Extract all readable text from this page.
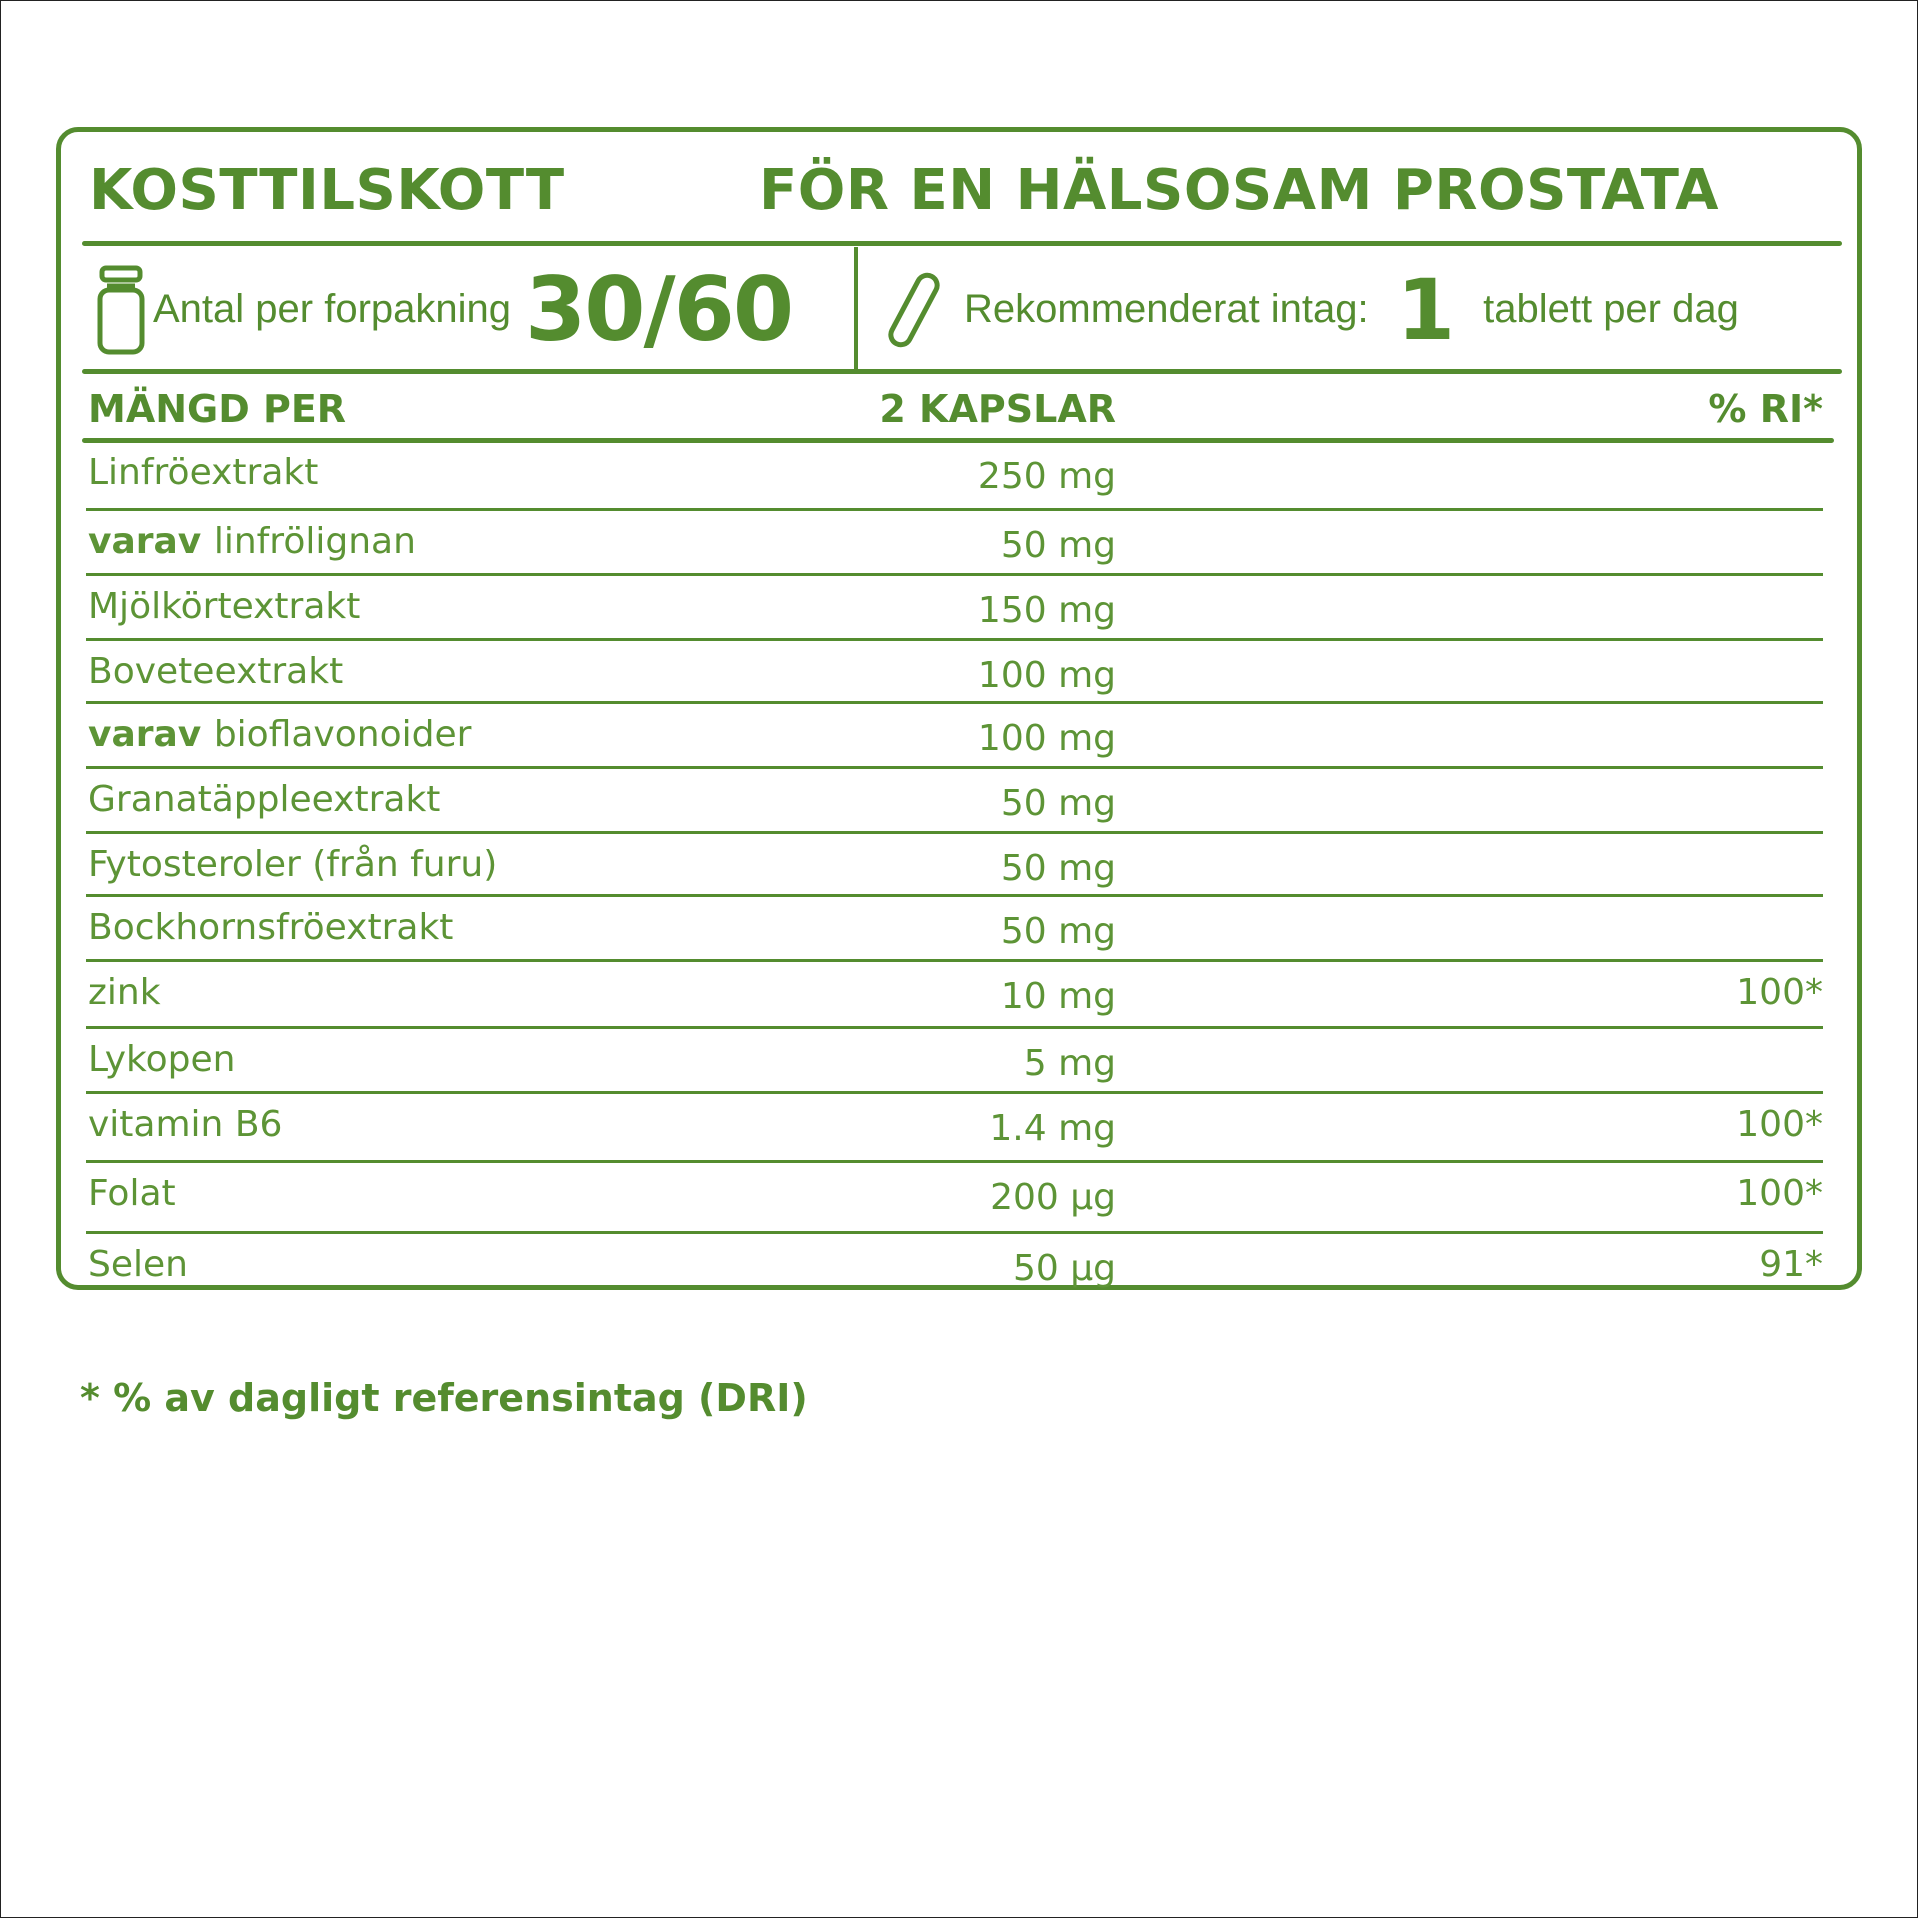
KOSTTILSKOTT	FÖR EN HÄLSOSAM PROSTATA
Antal per forpakning 30/60	Rekommenderat intag: 1 tablett per dag
MÄNGD PER	2 KAPSLAR	% RI*
Linfröextrakt	250 mg
varav linfrölignan	50 mg
Mjölkörtextrakt	150 mg
Boveteextrakt	100 mg
varav bioflavonoider	100 mg
Granatäppleextrakt	50 mg
Fytosteroler (från furu)	50 mg
Bockhornsfröextrakt	50 mg
zink	10 mg	100*
Lykopen	5 mg
vitamin B6	1.4 mg	100*
Folat	200 µg	100*
Selen	50 µg	91*
* % av dagligt referensintag (DRI)
